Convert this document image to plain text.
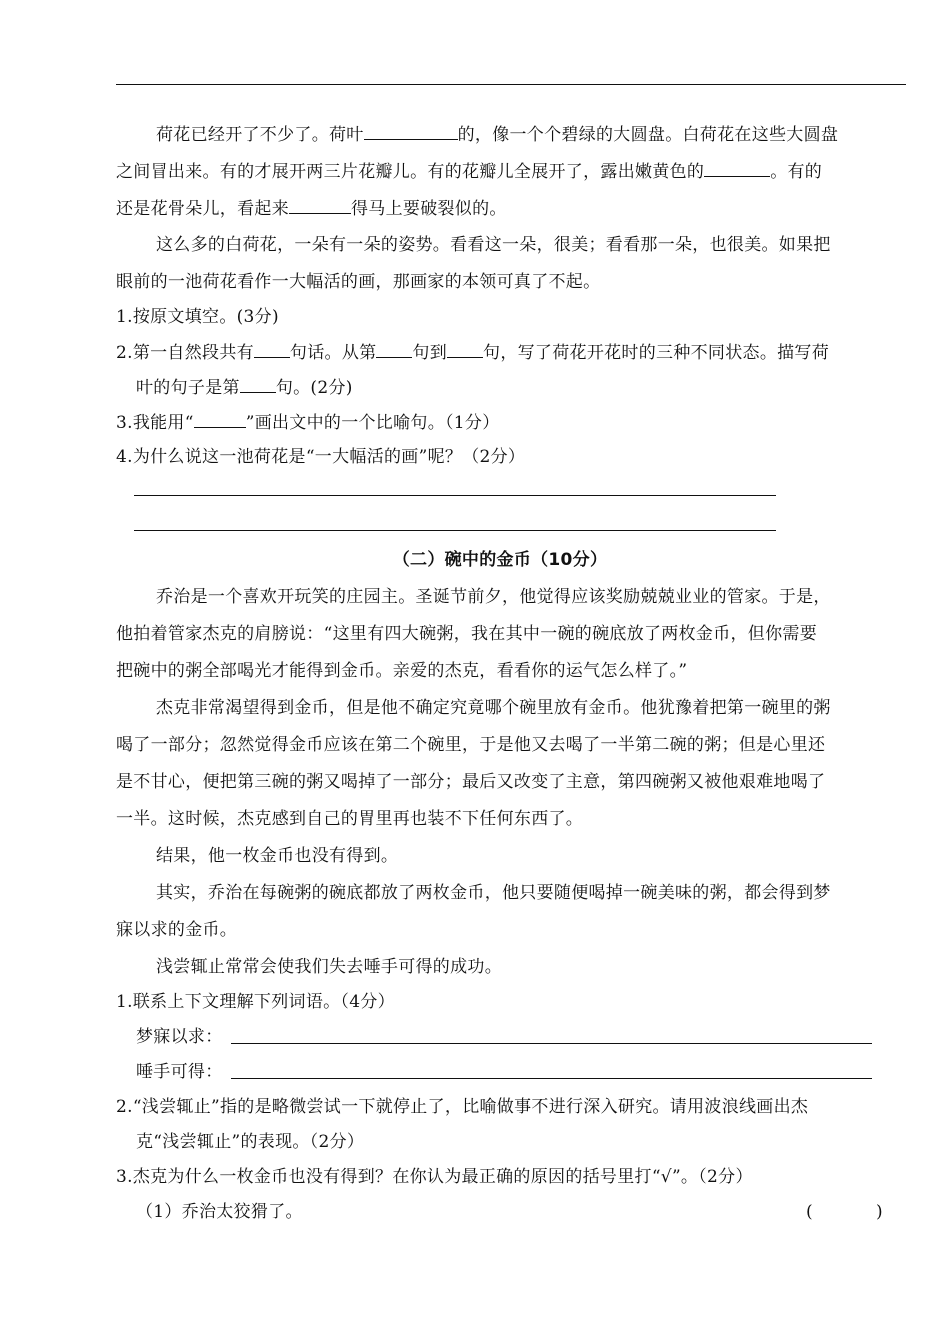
荷花已经开了不少了。荷叶	的，像一个个碧绿的大圆盘。白荷花在这些大圆盘
之间冒出来。有的才展开两三片花瓣儿。有的花瓣儿全展开了，露出嫩黄色的	。有的
还是花骨朵儿，看起来	得马上要破裂似的。
这么多的白荷花，一朵有一朵的姿势。看看这一朵，很美；看看那一朵，也很美。如果把
眼前的一池荷花看作一大幅活的画，那画家的本领可真了不起。
1.按原文填空。(3分)
2.第一自然段共有 句话。从第 句到 句，写了荷花开花时的三种不同状态。描写荷
叶的句子是第 句。(2分)
3.我能用“	”画出文中的一个比喻句。（1分）
4.为什么说这一池荷花是“一大幅活的画”呢？（2分）
（二）碗中的金币（10分）
乔治是一个喜欢开玩笑的庄园主。圣诞节前夕，他觉得应该奖励兢兢业业的管家。于是，
他拍着管家杰克的肩膀说：“这里有四大碗粥，我在其中一碗的碗底放了两枚金币，但你需要
把碗中的粥全部喝光才能得到金币。亲爱的杰克，看看你的运气怎么样了。”
杰克非常渴望得到金币，但是他不确定究竟哪个碗里放有金币。他犹豫着把第一碗里的粥
喝了一部分；忽然觉得金币应该在第二个碗里，于是他又去喝了一半第二碗的粥；但是心里还
是不甘心，便把第三碗的粥又喝掉了一部分；最后又改变了主意，第四碗粥又被他艰难地喝了
一半。这时候，杰克感到自己的胃里再也装不下任何东西了。
结果，他一枚金币也没有得到。
其实，乔治在每碗粥的碗底都放了两枚金币，他只要随便喝掉一碗美味的粥，都会得到梦
寐以求的金币。
浅尝辄止常常会使我们失去唾手可得的成功。
1.联系上下文理解下列词语。（4分）
梦寐以求：
唾手可得：
2.“浅尝辄止”指的是略微尝试一下就停止了，比喻做事不进行深入研究。请用波浪线画出杰
克“浅尝辄止”的表现。（2分）
3.杰克为什么一枚金币也没有得到？在你认为最正确的原因的括号里打“√”。（2分）
（1）乔治太狡猾了。	(	)
